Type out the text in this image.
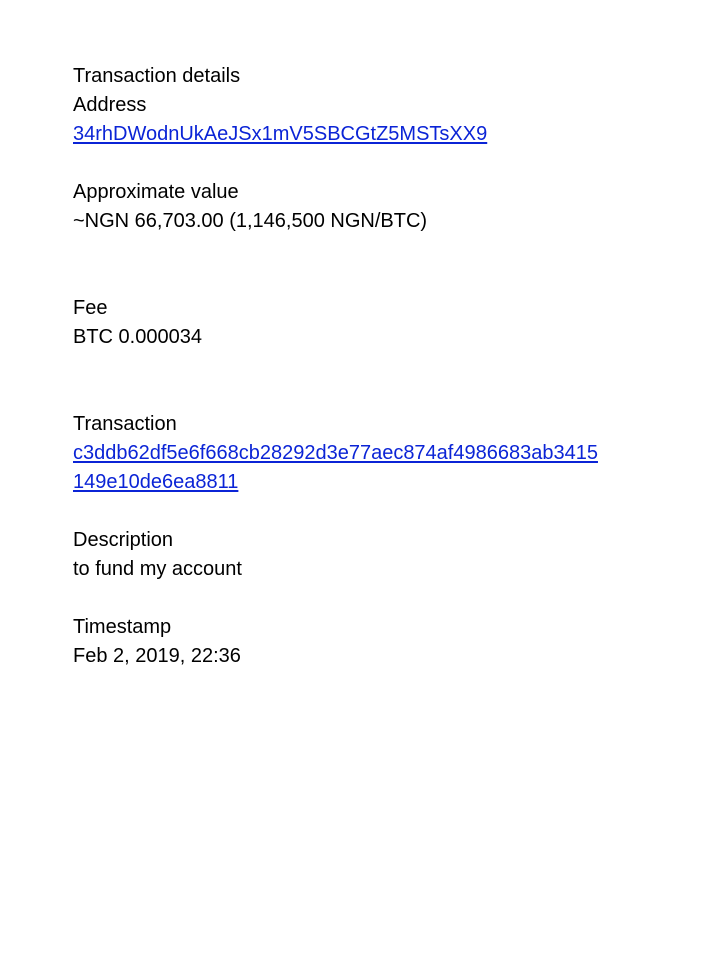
Transaction details
Address
34rhDWodnUkAeJSx1mV5SBCGtZ5MSTsXX9
Approximate value
~NGN 66,703.00 (1,146,500 NGN/BTC)
Fee
BTC 0.000034
Transaction
c3ddb62df5e6f668cb28292d3e77aec874af4986683ab3415
149e10de6ea8811
Description
to fund my account
Timestamp
Feb 2, 2019, 22:36
